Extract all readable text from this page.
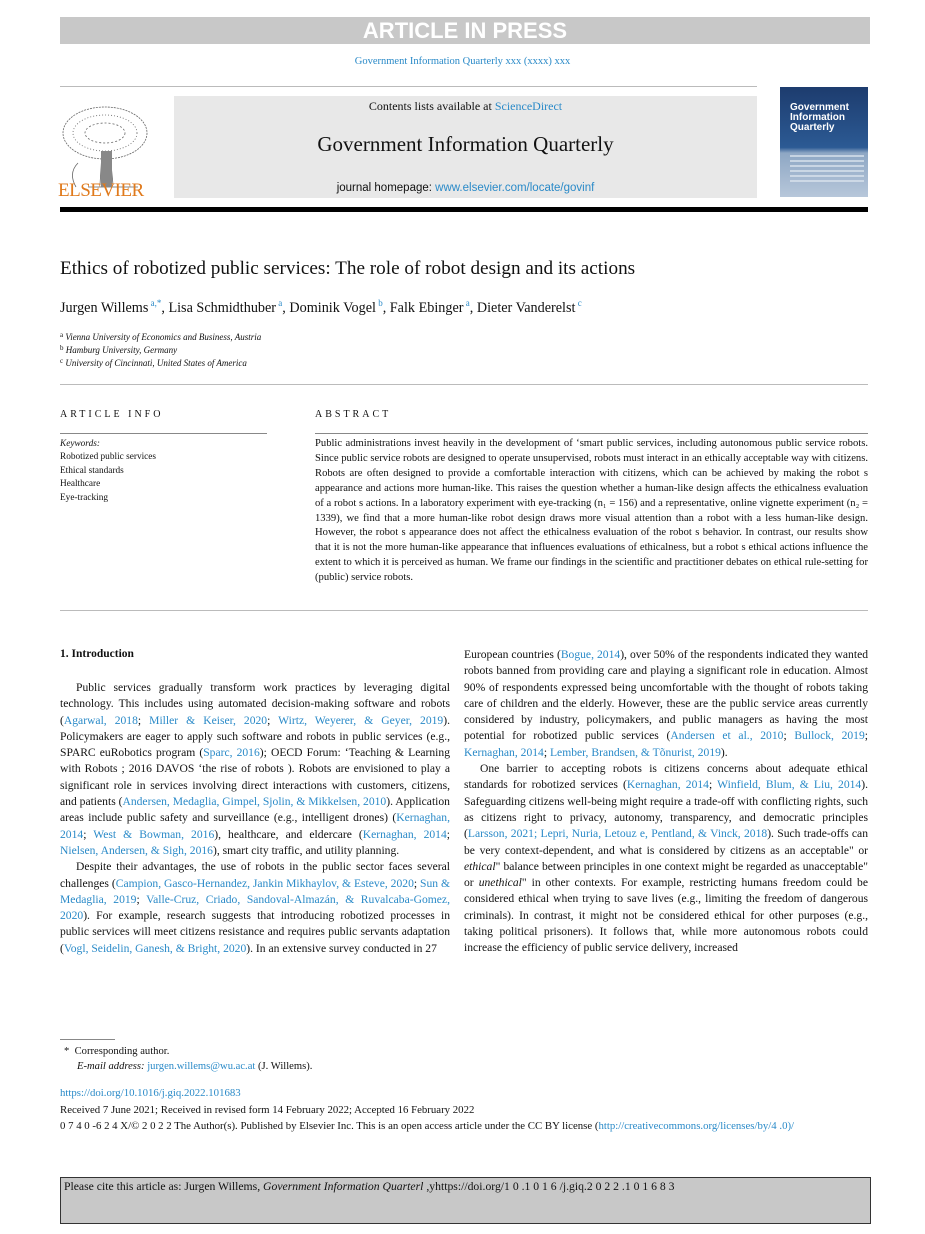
ARTICLE IN PRESS
Government Information Quarterly xxx (xxxx) xxx
ELSEVIER
Contents lists available at ScienceDirect
Government Information Quarterly
journal homepage: www.elsevier.com/locate/govinf
Government Information Quarterly
Ethics of robotized public services: The role of robot design and its actions
Jurgen Willems $^{a,*}$, Lisa Schmidthuber $^a$, Dominik Vogel $^b$, Falk Ebinger $^a$, Dieter Vanderelst $^c$
$^a$ Vienna University of Economics and Business, Austria
$^b$ Hamburg University, Germany
$^c$ University of Cincinnati, United States of America
ARTICLE INFO	ABSTRACT
Keywords:
Robotized public services
Ethical standards
Healthcare
Eye-tracking
Public administrations invest heavily in the development of ‘smart public services, including autonomous public service robots. Since public service robots are designed to operate unsupervised, robots must interact in an ethically acceptable way with citizens. Robots are often designed to provide a comfortable interaction with citizens, which can be achieved by making the robot s appearance and actions more human-like. This raises the question whether a human-like design affects the ethicalness evaluation of a robot s actions. In a laboratory experiment with eye-tracking (n₁ = 156) and a representative, online vignette experiment (n₂ = 1339), we find that a more human-like robot design draws more visual attention than a robot with a less human-like design. However, the robot s appearance does not affect the ethicalness evaluation of the robot s behavior. In contrast, our results show that it is not the more human-like appearance that influences evaluations of ethicalness, but a robot s ethical actions influence the extent to which it is perceived as human. We frame our findings in the scientific and practitioner debates on ethical rule-setting for (public) service robots.
1. Introduction

Public services gradually transform work practices by leveraging digital technology. This includes using automated decision-making software and robots (Agarwal, 2018; Miller & Keiser, 2020; Wirtz, Weyerer, & Geyer, 2019). Policymakers are eager to apply such software and robots in public services (e.g., SPARC euRobotics program (Sparc, 2016); OECD Forum: ‘Teaching & Learning with Robots ; 2016 DAVOS ‘the rise of robots ). Robots are envisioned to play a significant role in services involving direct interactions with customers, citizens, and patients (Andersen, Medaglia, Gimpel, Sjolin, & Mikkelsen, 2010). Application areas include public safety and surveillance (e.g., intelligent drones) (Kernaghan, 2014; West & Bowman, 2016), healthcare, and eldercare (Kernaghan, 2014; Nielsen, Andersen, & Sigh, 2016), smart city traffic, and utility planning.

Despite their advantages, the use of robots in the public sector faces several challenges (Campion, Gasco-Hernandez, Jankin Mikhaylov, & Esteve, 2020; Sun & Medaglia, 2019; Valle-Cruz, Criado, Sandoval-Almazán, & Ruvalcaba-Gomez, 2020). For example, research suggests that introducing robotized processes in public services will meet citizens resistance and requires public servants adaptation (Vogl, Seidelin, Ganesh, & Bright, 2020). In an extensive survey conducted in 27

European countries (Bogue, 2014), over 50% of the respondents indicated they wanted robots banned from providing care and playing a significant role in education. Almost 90% of respondents expressed being uncomfortable with the thought of robots taking care of children and the elderly. However, these are the public service areas currently considered by industry, policymakers, and public managers as having the most potential for robotized public services (Andersen et al., 2010; Bullock, 2019; Kernaghan, 2014; Lember, Brandsen, & Tõnurist, 2019).

One barrier to accepting robots is citizens concerns about adequate ethical standards for robotized services (Kernaghan, 2014; Winfield, Blum, & Liu, 2014). Safeguarding citizens well-being might require a trade-off with conflicting rights, such as citizens right to privacy, autonomy, transparency, and democratic principles (Larsson, 2021; Lepri, Nuria, Letouz e, Pentland, & Vinck, 2018). Such trade-offs can be very context-dependent, and what is considered by citizens as an acceptable" or ethical" balance between principles in one context might be regarded as unacceptable" or unethical" in other contexts. For example, restricting humans freedom could be considered ethical when trying to save lives (e.g., limiting the freedom of dangerous criminals). In contrast, it might not be considered ethical for other purposes (e.g., taking political prisoners). It follows that, while more autonomous robots could increase the efficiency of public service delivery, increased

* Corresponding author.
E-mail address: jurgen.willems@wu.ac.at (J. Willems).
https://doi.org/10.1016/j.giq.2022.101683
Received 7 June 2021; Received in revised form 14 February 2022; Accepted 16 February 2022
0 7 4 0 -6 2 4 X/© 2 0 2 2 The Author(s). Published by Elsevier Inc. This is an open access article under the CC BY license (http://creativecommons.org/licenses/by/4 .0)/
Please cite this article as: Jurgen Willems, Government Information Quarterl ,yhttps://doi.org/1 0 .1 0 1 6 /j.giq.2 0 2 2 .1 0 1 6 8 3
